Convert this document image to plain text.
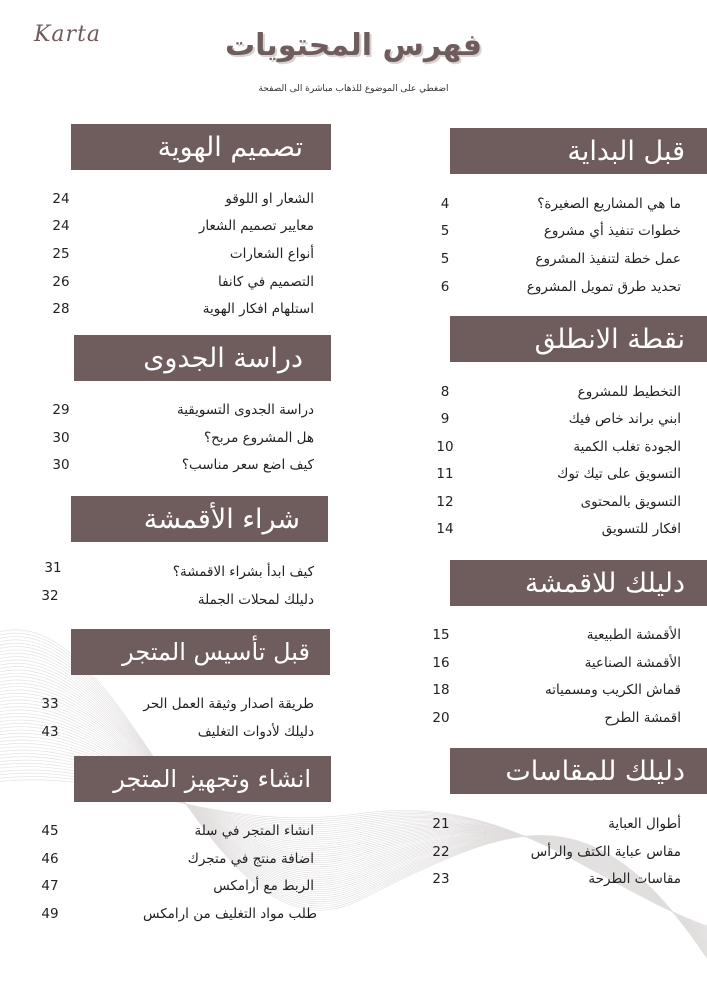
Karta	فهرس المحتويات
اضغطي على الموضوع للذهاب مباشرة الى الصفحة
قبل البداية
ما هي المشاريع الصغيرة؟
4
خطوات تنفيذ أي مشروع
5
عمل خطة لتنفيذ المشروع
5
تحديد طرق تمويل المشروع
6
نقطة الانطلق
التخطيط للمشروع
8
ابني براند خاص فيك
9
الجودة تغلب الكمية
10
التسويق على تيك توك
11
التسويق بالمحتوى
12
افكار للتسويق
14
دليلك للاقمشة
الأقمشة الطبيعية
15
الأقمشة الصناعية
16
قماش الكريب ومسمياته
18
اقمشة الطرح
20
دليلك للمقاسات
أطوال العباية
21
مقاس عباية الكتف والرأس
22
مقاسات الطرحة
23
تصميم الهوية
الشعار او اللوقو
24
معايير تصميم الشعار
24
أنواع الشعارات
25
التصميم في كانفا
26
استلهام افكار الهوية
28
دراسة الجدوى
دراسة الجدوى التسويقية
29
هل المشروع مربح؟
30
كيف اضع سعر مناسب؟
30
شراء الأقمشة
كيف ابدأ بشراء الاقمشة؟
31
دليلك لمحلات الجملة
32
قبل تأسيس المتجر
طريقة اصدار وثيقة العمل الحر
33
دليلك لأدوات التغليف
43
انشاء وتجهيز المتجر
انشاء المتجر في سلة
45
اضافة منتج في متجرك
46
الربط مع أرامكس
47
طلب مواد التغليف من ارامكس
49
